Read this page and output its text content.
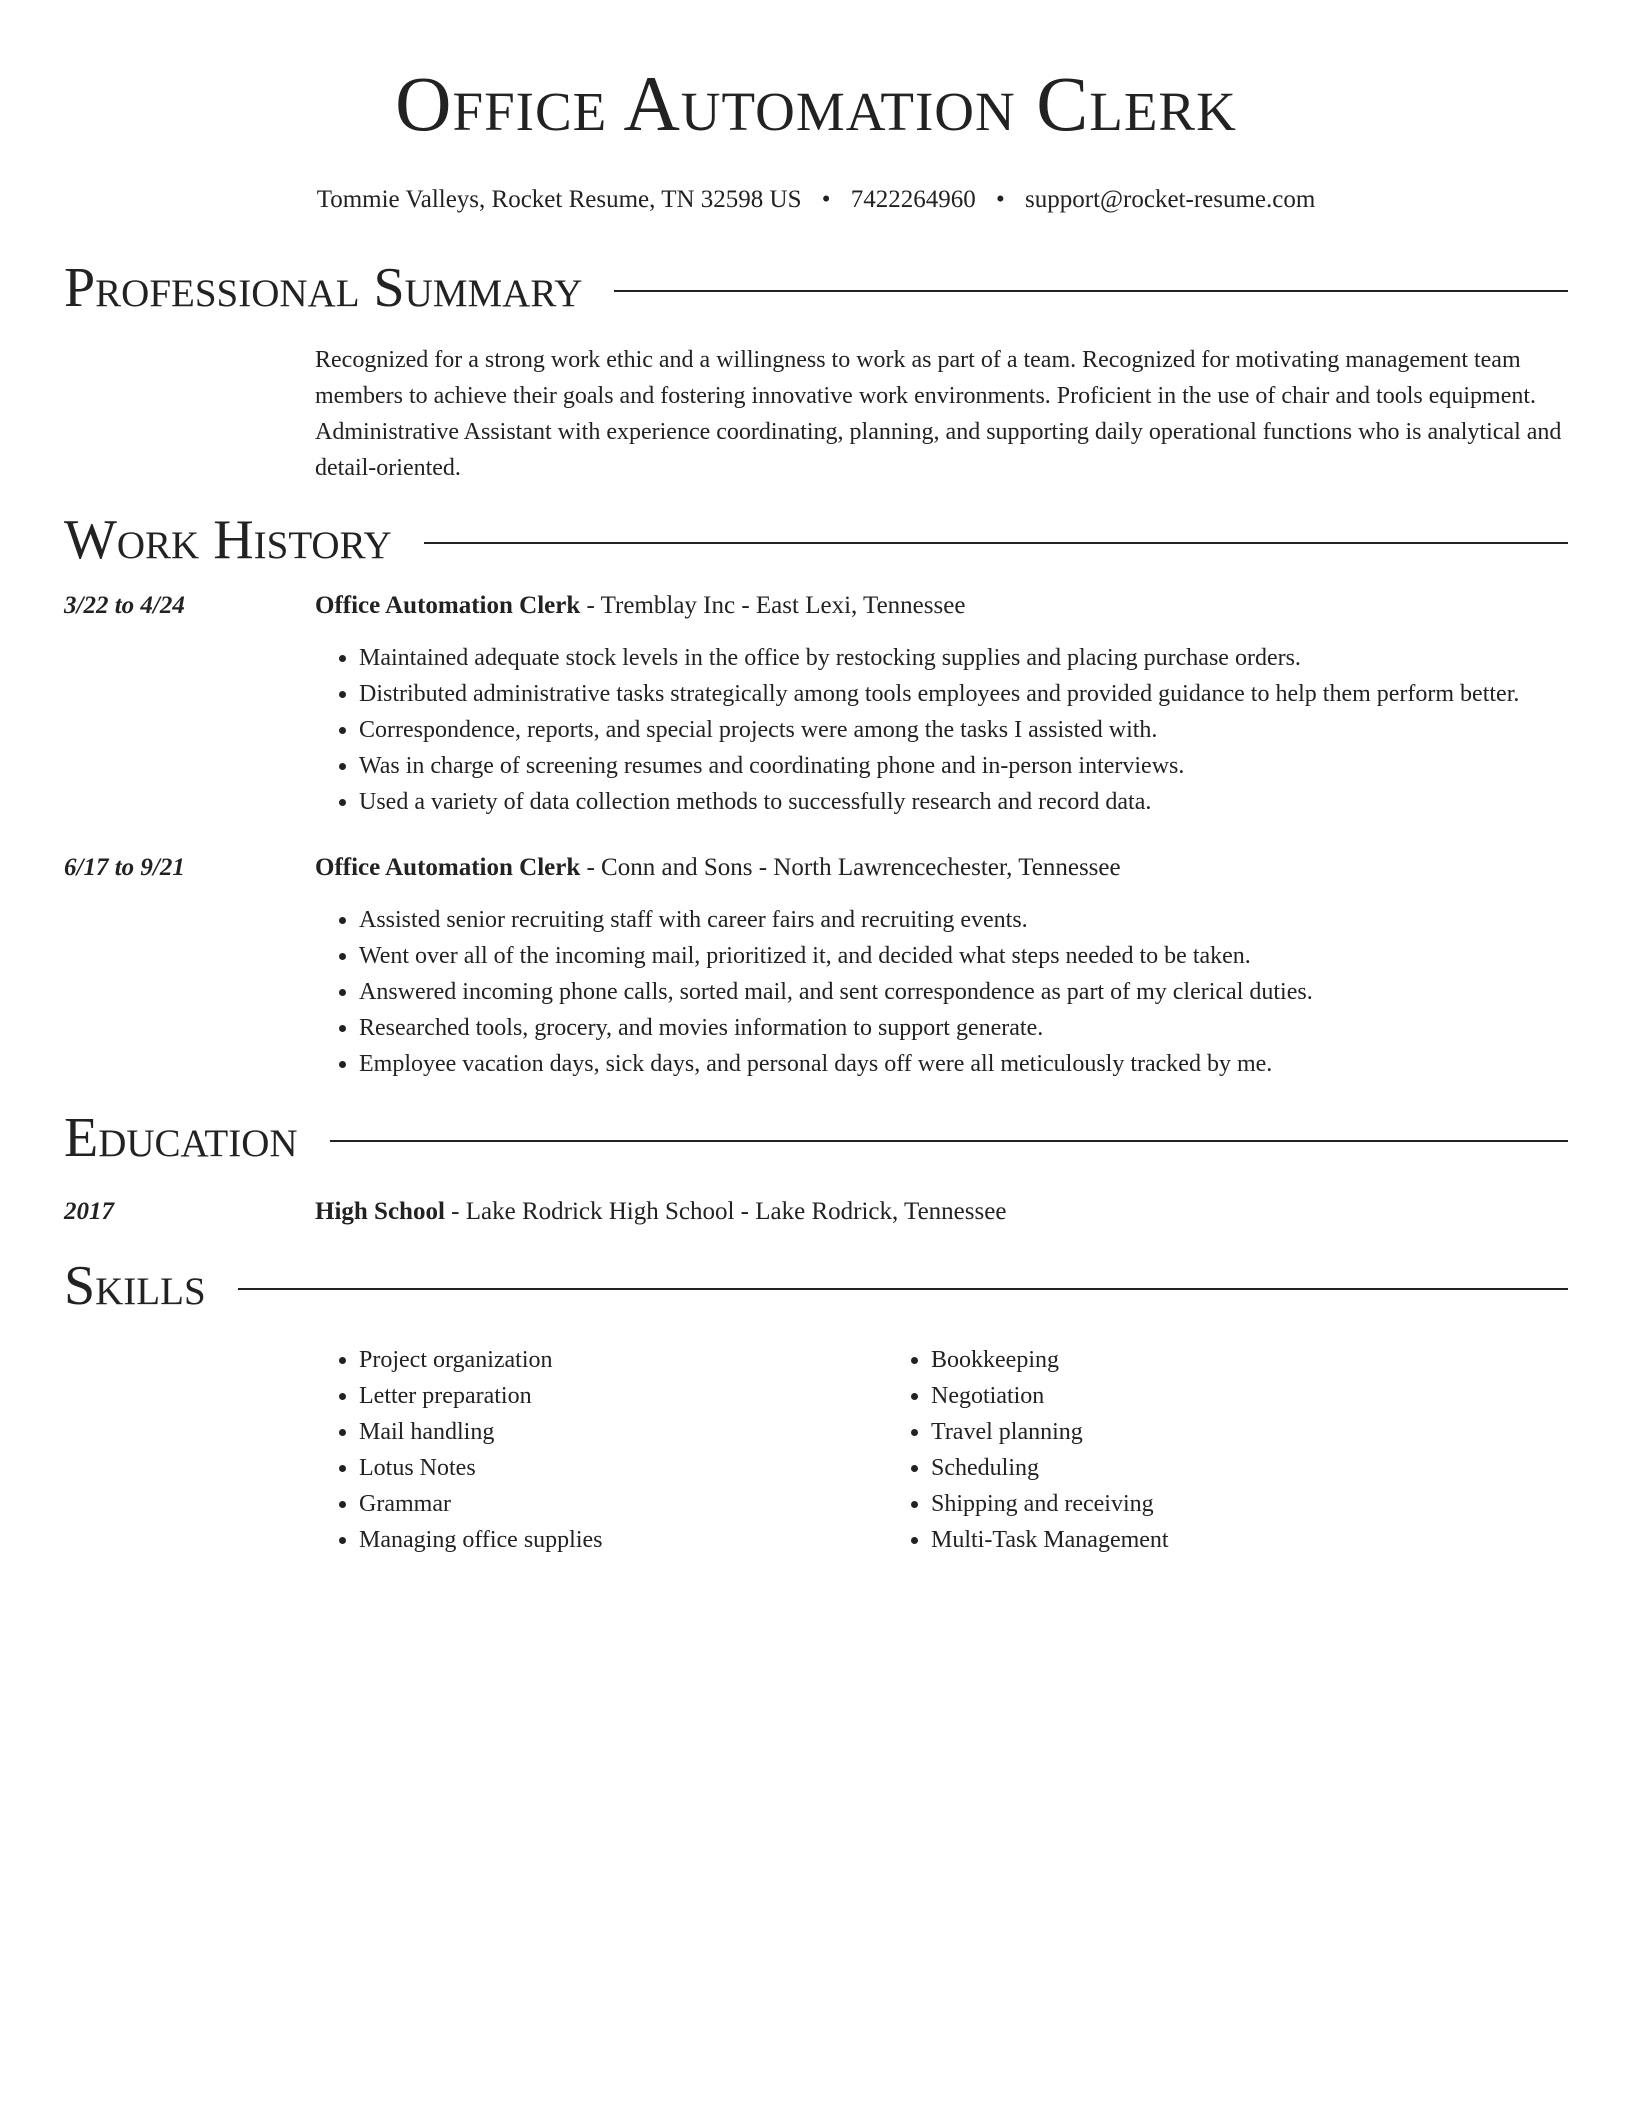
Office Automation Clerk
Tommie Valleys, Rocket Resume, TN 32598 US • 7422264960 • support@rocket-resume.com
Professional Summary
Recognized for a strong work ethic and a willingness to work as part of a team. Recognized for motivating management team members to achieve their goals and fostering innovative work environments. Proficient in the use of chair and tools equipment. Administrative Assistant with experience coordinating, planning, and supporting daily operational functions who is analytical and detail-oriented.
Work History
3/22 to 4/24	Office Automation Clerk - Tremblay Inc - East Lexi, Tennessee
• Maintained adequate stock levels in the office by restocking supplies and placing purchase orders.
• Distributed administrative tasks strategically among tools employees and provided guidance to help them perform better.
• Correspondence, reports, and special projects were among the tasks I assisted with.
• Was in charge of screening resumes and coordinating phone and in-person interviews.
• Used a variety of data collection methods to successfully research and record data.
6/17 to 9/21	Office Automation Clerk - Conn and Sons - North Lawrencechester, Tennessee
• Assisted senior recruiting staff with career fairs and recruiting events.
• Went over all of the incoming mail, prioritized it, and decided what steps needed to be taken.
• Answered incoming phone calls, sorted mail, and sent correspondence as part of my clerical duties.
• Researched tools, grocery, and movies information to support generate.
• Employee vacation days, sick days, and personal days off were all meticulously tracked by me.
Education
2017	High School - Lake Rodrick High School - Lake Rodrick, Tennessee
Skills
• Project organization
• Letter preparation
• Mail handling
• Lotus Notes
• Grammar
• Managing office supplies
• Bookkeeping
• Negotiation
• Travel planning
• Scheduling
• Shipping and receiving
• Multi-Task Management
